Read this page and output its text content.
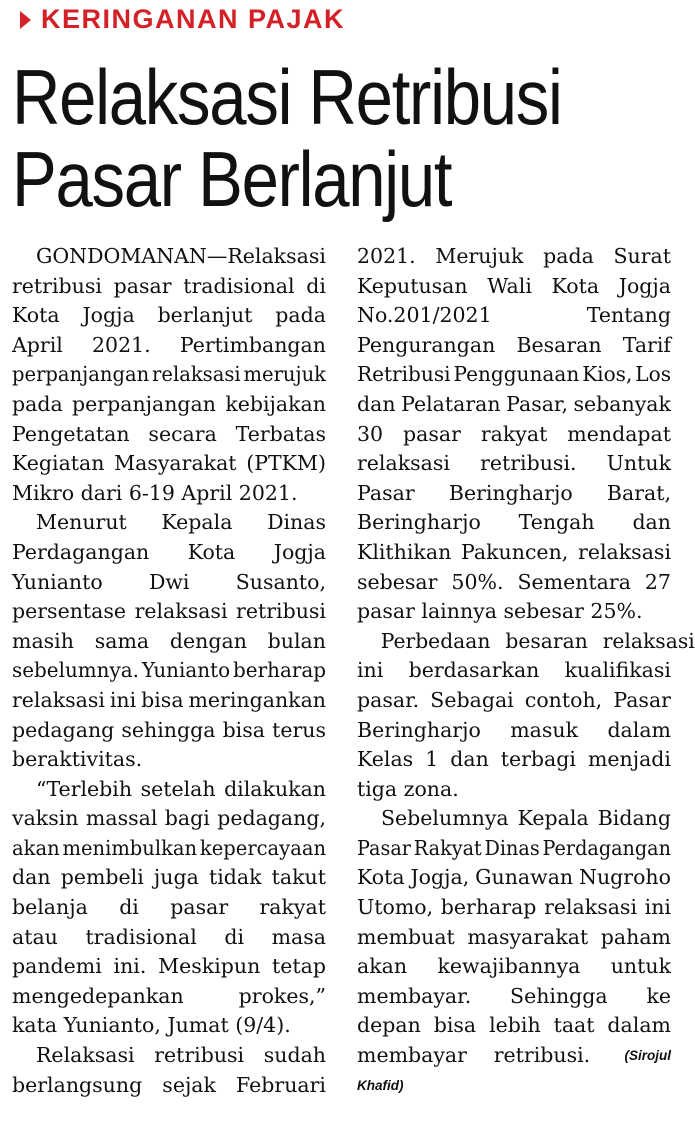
KERINGANAN PAJAK
Relaksasi Retribusi
Pasar Berlanjut
GONDOMANAN—Relaksasi
retribusi pasar tradisional di
Kota Jogja berlanjut pada
April 2021. Pertimbangan
perpanjangan relaksasi merujuk
pada perpanjangan kebijakan
Pengetatan secara Terbatas
Kegiatan Masyarakat (PTKM)
Mikro dari 6-19 April 2021.
Menurut Kepala Dinas
Perdagangan Kota Jogja
Yunianto Dwi Susanto,
persentase relaksasi retribusi
masih sama dengan bulan
sebelumnya. Yunianto berharap
relaksasi ini bisa meringankan
pedagang sehingga bisa terus
beraktivitas.
“Terlebih setelah dilakukan
vaksin massal bagi pedagang,
akan menimbulkan kepercayaan
dan pembeli juga tidak takut
belanja di pasar rakyat
atau tradisional di masa
pandemi ini. Meskipun tetap
mengedepankan	prokes,”
kata Yunianto, Jumat (9/4).
Relaksasi retribusi sudah
berlangsung sejak Februari
2021. Merujuk pada Surat
Keputusan Wali Kota Jogja
No.201/2021	Tentang
Pengurangan Besaran Tarif
Retribusi Penggunaan Kios, Los
dan Pelataran Pasar, sebanyak
30 pasar rakyat mendapat
relaksasi retribusi. Untuk
Pasar Beringharjo Barat,
Beringharjo Tengah dan
Klithikan Pakuncen, relaksasi
sebesar 50%. Sementara 27
pasar lainnya sebesar 25%.
Perbedaan besaran relaksasi
ini berdasarkan kualifikasi
pasar. Sebagai contoh, Pasar
Beringharjo masuk dalam
Kelas 1 dan terbagi menjadi
tiga zona.
Sebelumnya Kepala Bidang
Pasar Rakyat Dinas Perdagangan
Kota Jogja, Gunawan Nugroho
Utomo, berharap relaksasi ini
membuat masyarakat paham
akan kewajibannya untuk
membayar. Sehingga ke
depan bisa lebih taat dalam
membayar retribusi. (Sirojul
Khafid)
